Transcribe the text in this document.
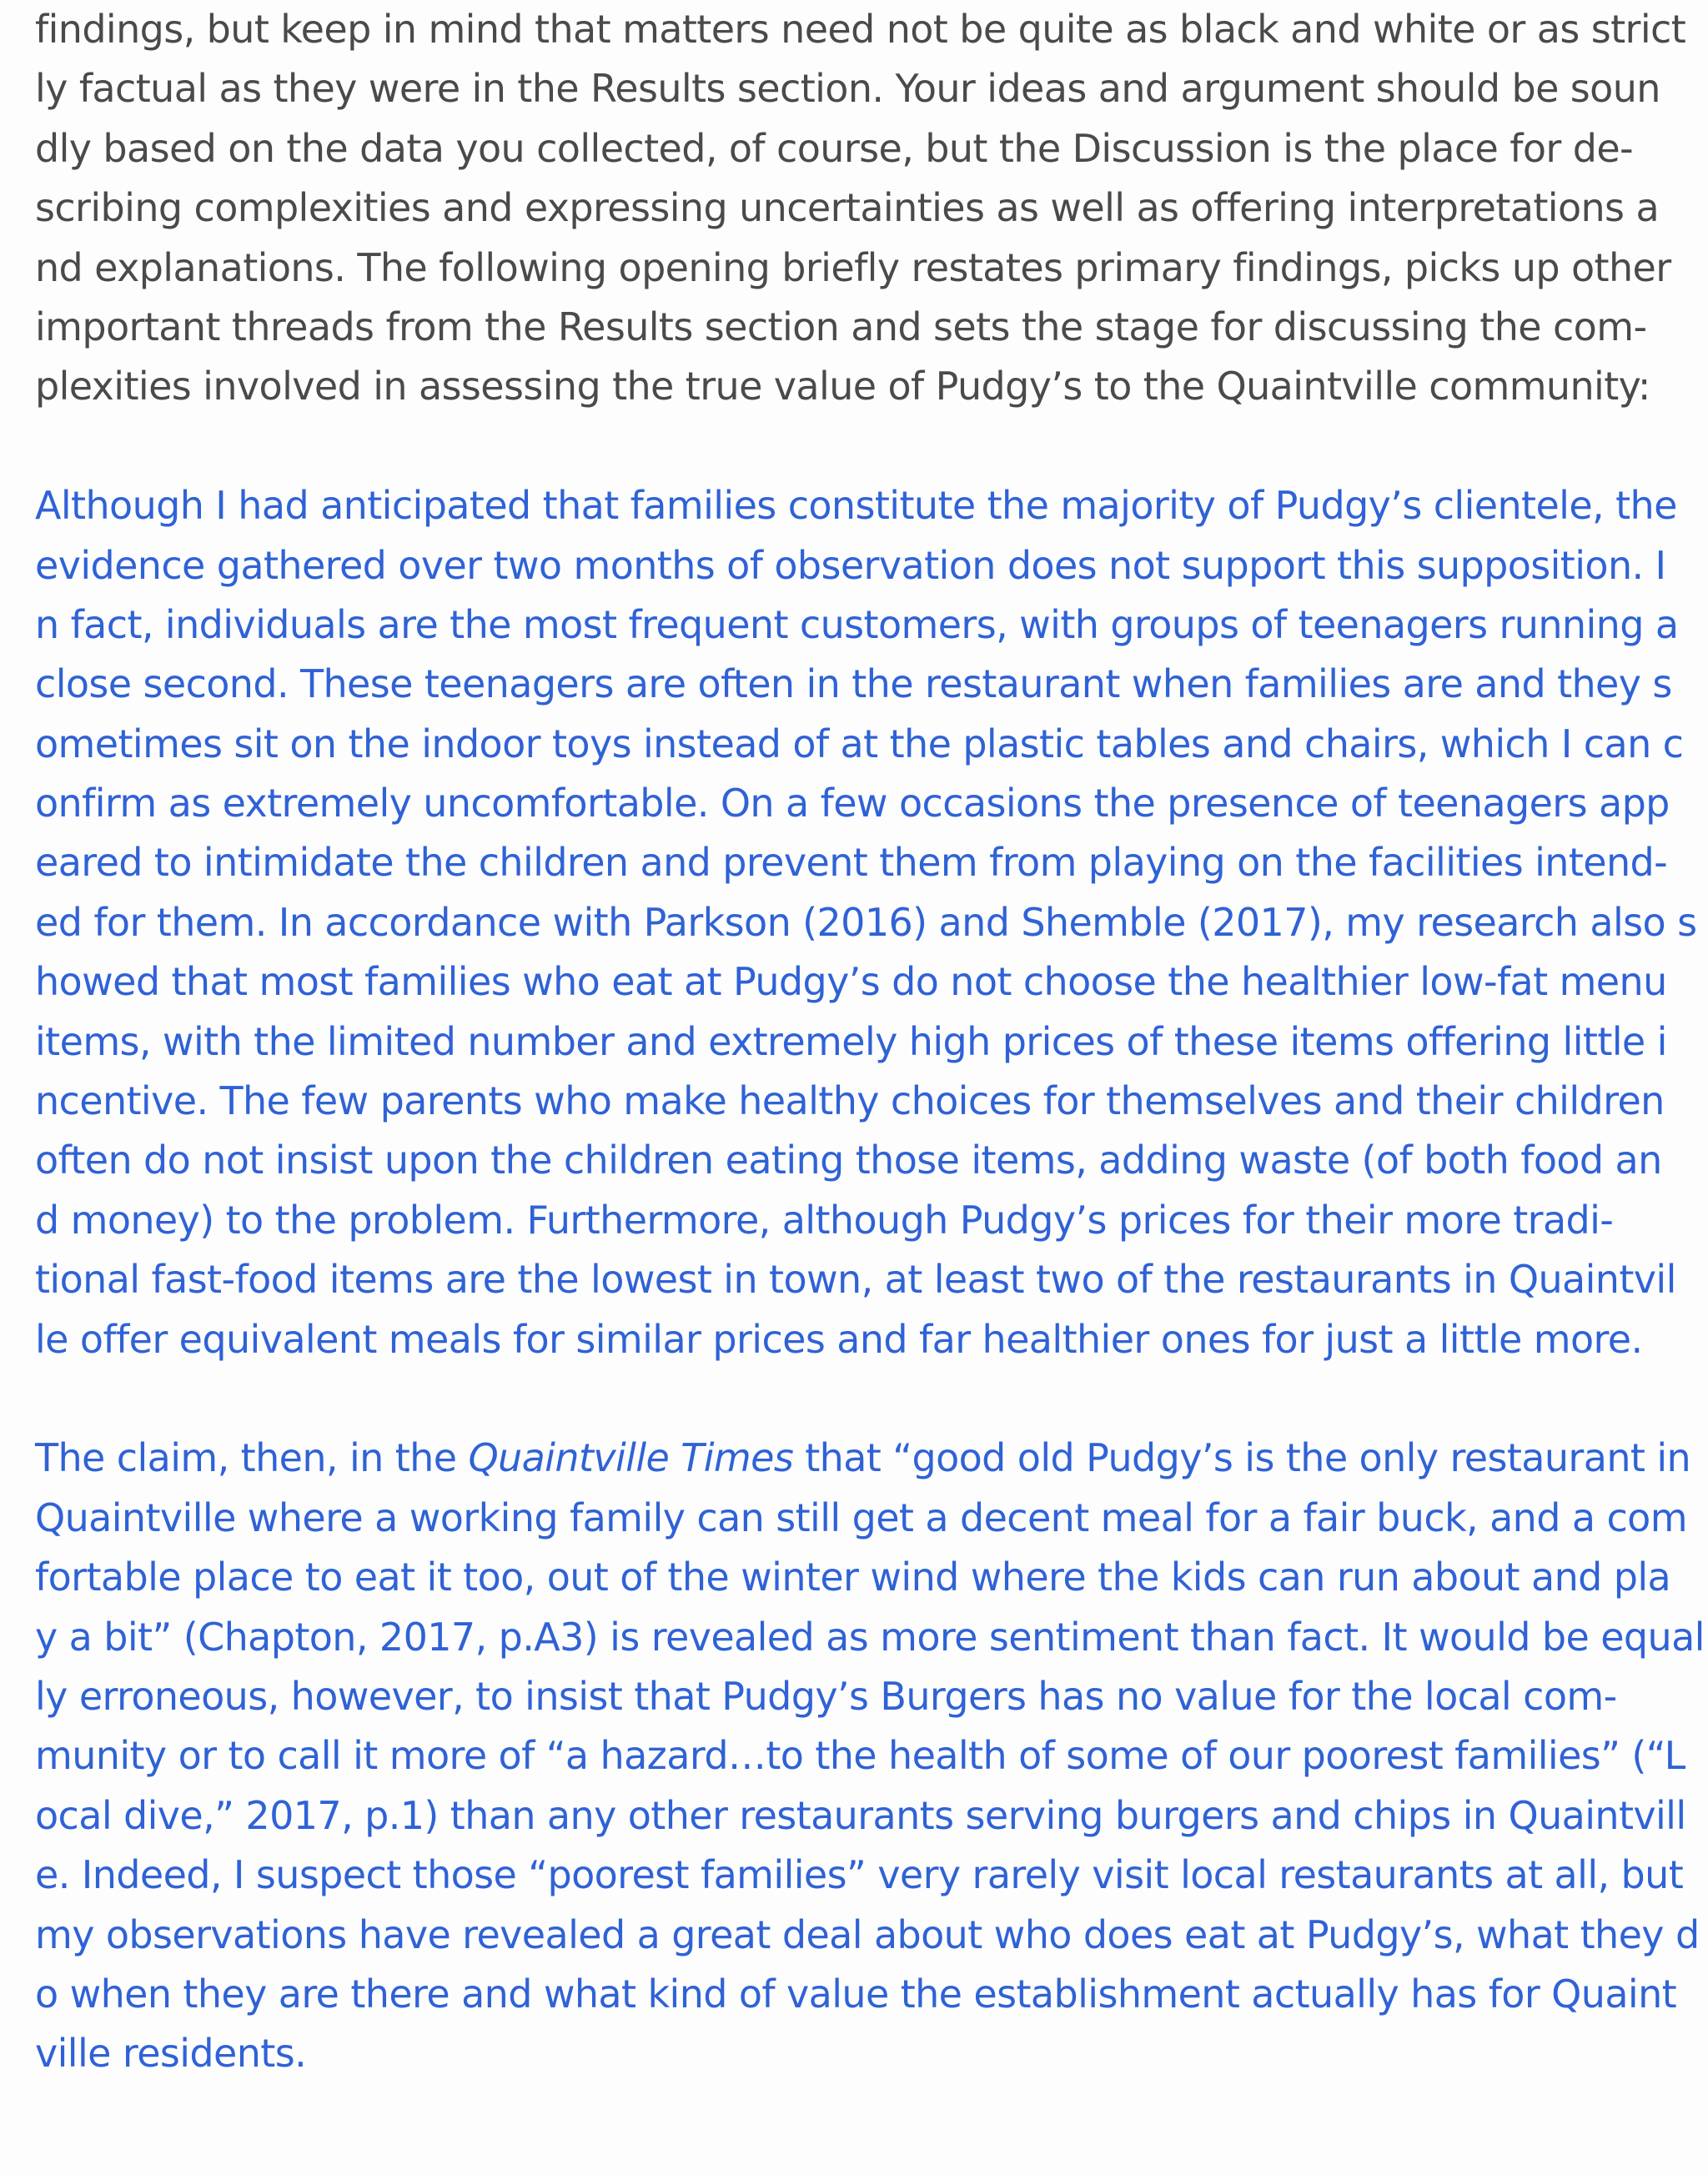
findings, but keep in mind that matters need not be quite as black and white or as strict
ly factual as they were in the Results section. Your ideas and argument should be soun
dly based on the data you collected, of course, but the Discussion is the place for de-
scribing complexities and expressing uncertainties as well as offering interpretations a
nd explanations. The following opening briefly restates primary findings, picks up other
important threads from the Results section and sets the stage for discussing the com-
plexities involved in assessing the true value of Pudgy’s to the Quaintville community:
Although I had anticipated that families constitute the majority of Pudgy’s clientele, the
evidence gathered over two months of observation does not support this supposition. I
n fact, individuals are the most frequent customers, with groups of teenagers running a
close second. These teenagers are often in the restaurant when families are and they s
ometimes sit on the indoor toys instead of at the plastic tables and chairs, which I can c
onfirm as extremely uncomfortable. On a few occasions the presence of teenagers app
eared to intimidate the children and prevent them from playing on the facilities intend-
ed for them. In accordance with Parkson (2016) and Shemble (2017), my research also s
howed that most families who eat at Pudgy’s do not choose the healthier low-fat menu
items, with the limited number and extremely high prices of these items offering little i
ncentive. The few parents who make healthy choices for themselves and their children
often do not insist upon the children eating those items, adding waste (of both food an
d money) to the problem. Furthermore, although Pudgy’s prices for their more tradi-
tional fast-food items are the lowest in town, at least two of the restaurants in Quaintvil
le offer equivalent meals for similar prices and far healthier ones for just a little more.
The claim, then, in the Quaintville Times that “good old Pudgy’s is the only restaurant in
Quaintville where a working family can still get a decent meal for a fair buck, and a com
fortable place to eat it too, out of the winter wind where the kids can run about and pla
y a bit” (Chapton, 2017, p.A3) is revealed as more sentiment than fact. It would be equal
ly erroneous, however, to insist that Pudgy’s Burgers has no value for the local com-
munity or to call it more of “a hazard…to the health of some of our poorest families” (“L
ocal dive,” 2017, p.1) than any other restaurants serving burgers and chips in Quaintvill
e. Indeed, I suspect those “poorest families” very rarely visit local restaurants at all, but
my observations have revealed a great deal about who does eat at Pudgy’s, what they d
o when they are there and what kind of value the establishment actually has for Quaint
ville residents.
